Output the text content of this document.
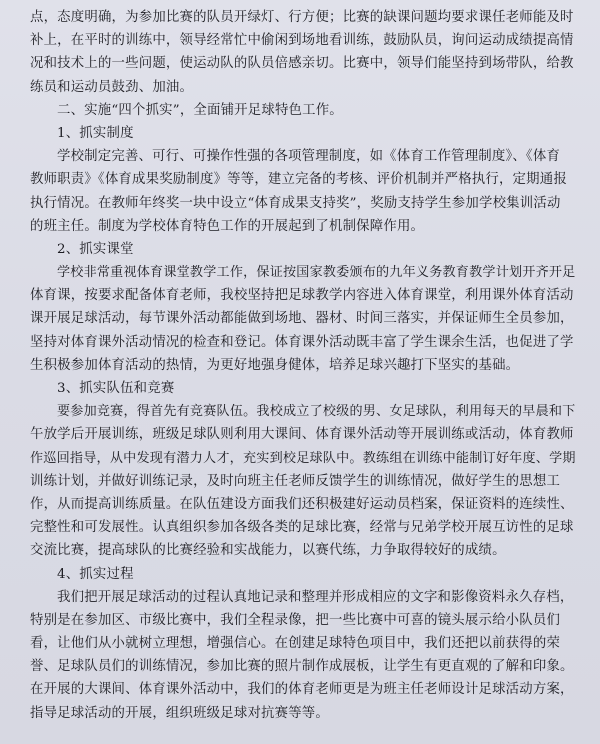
点，态度明确，为参加比赛的队员开绿灯、行方便；比赛的缺课问题均要求课任老师能及时
补上，在平时的训练中，领导经常忙中偷闲到场地看训练，鼓励队员，询问运动成绩提高情
况和技术上的一些问题，使运动队的队员倍感亲切。比赛中，领导们能坚持到场带队，给教
练员和运动员鼓劲、加油。
二、实施“四个抓实”，全面铺开足球特色工作。
1、抓实制度
学校制定完善、可行、可操作性强的各项管理制度，如《体育工作管理制度》、《体育
教师职责》《体育成果奖励制度》等等，建立完备的考核、评价机制并严格执行，定期通报
执行情况。在教师年终奖一块中设立“体育成果支持奖”，奖励支持学生参加学校集训活动
的班主任。制度为学校体育特色工作的开展起到了机制保障作用。
2、抓实课堂
学校非常重视体育课堂教学工作，保证按国家教委颁布的九年义务教育教学计划开齐开足
体育课，按要求配备体育老师，我校坚持把足球教学内容进入体育课堂，利用课外体育活动
课开展足球活动，每节课外活动都能做到场地、器材、时间三落实，并保证师生全员参加，
坚持对体育课外活动情况的检查和登记。体育课外活动既丰富了学生课余生活，也促进了学
生积极参加体育活动的热情，为更好地强身健体，培养足球兴趣打下坚实的基础。
3、抓实队伍和竞赛
要参加竞赛，得首先有竞赛队伍。我校成立了校级的男、女足球队，利用每天的早晨和下
午放学后开展训练，班级足球队则利用大课间、体育课外活动等开展训练或活动，体育教师
作巡回指导，从中发现有潜力人才，充实到校足球队中。教练组在训练中能制订好年度、学期
训练计划，并做好训练记录，及时向班主任老师反馈学生的训练情况，做好学生的思想工
作，从而提高训练质量。在队伍建设方面我们还积极建好运动员档案，保证资料的连续性、
完整性和可发展性。认真组织参加各级各类的足球比赛，经常与兄弟学校开展互访性的足球
交流比赛，提高球队的比赛经验和实战能力，以赛代练，力争取得较好的成绩。
4、抓实过程
我们把开展足球活动的过程认真地记录和整理并形成相应的文字和影像资料永久存档，
特别是在参加区、市级比赛中，我们全程录像，把一些比赛中可喜的镜头展示给小队员们
看，让他们从小就树立理想，增强信心。在创建足球特色项目中，我们还把以前获得的荣
誉、足球队员们的训练情况，参加比赛的照片制作成展板，让学生有更直观的了解和印象。
在开展的大课间、体育课外活动中，我们的体育老师更是为班主任老师设计足球活动方案，
指导足球活动的开展，组织班级足球对抗赛等等。
